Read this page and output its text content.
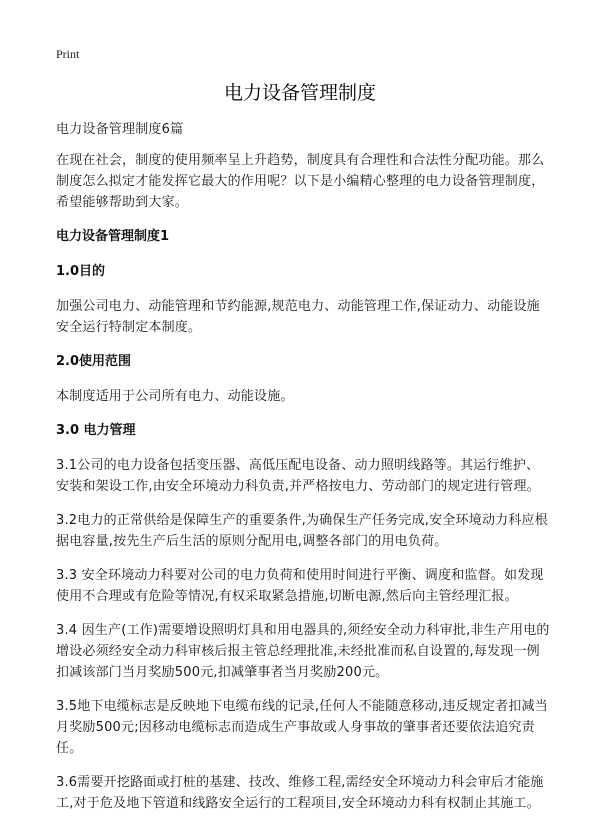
Print
电力设备管理制度

电力设备管理制度6篇

在现在社会，制度的使用频率呈上升趋势，制度具有合理性和合法性分配功能。那么制度怎么拟定才能发挥它最大的作用呢？以下是小编精心整理的电力设备管理制度，希望能够帮助到大家。

电力设备管理制度1
1.0目的

加强公司电力、动能管理和节约能源,规范电力、动能管理工作,保证动力、动能设施安全运行特制定本制度。

2.0使用范围

本制度适用于公司所有电力、动能设施。

3.0 电力管理

3.1公司的电力设备包括变压器、高低压配电设备、动力照明线路等。其运行维护、安装和架设工作,由安全环境动力科负责,并严格按电力、劳动部门的规定进行管理。

3.2电力的正常供给是保障生产的重要条件,为确保生产任务完成,安全环境动力科应根据电容量,按先生产后生活的原则分配用电,调整各部门的用电负荷。

3.3 安全环境动力科要对公司的电力负荷和使用时间进行平衡、调度和监督。如发现使用不合理或有危险等情况,有权采取紧急措施,切断电源,然后向主管经理汇报。

3.4 因生产(工作)需要增设照明灯具和用电器具的,须经安全动力科审批,非生产用电的增设必须经安全动力科审核后报主管总经理批准,未经批准而私自设置的,每发现一例扣减该部门当月奖励500元,扣减肇事者当月奖励200元。

3.5地下电缆标志是反映地下电缆布线的记录,任何人不能随意移动,违反规定者扣减当月奖励500元;因移动电缆标志而造成生产事故或人身事故的肇事者还要依法追究责任。

3.6需要开挖路面或打桩的基建、技改、维修工程,需经安全环境动力科会审后才能施工,对于危及地下管道和线路安全运行的工程项目,安全环境动力科有权制止其施工。
